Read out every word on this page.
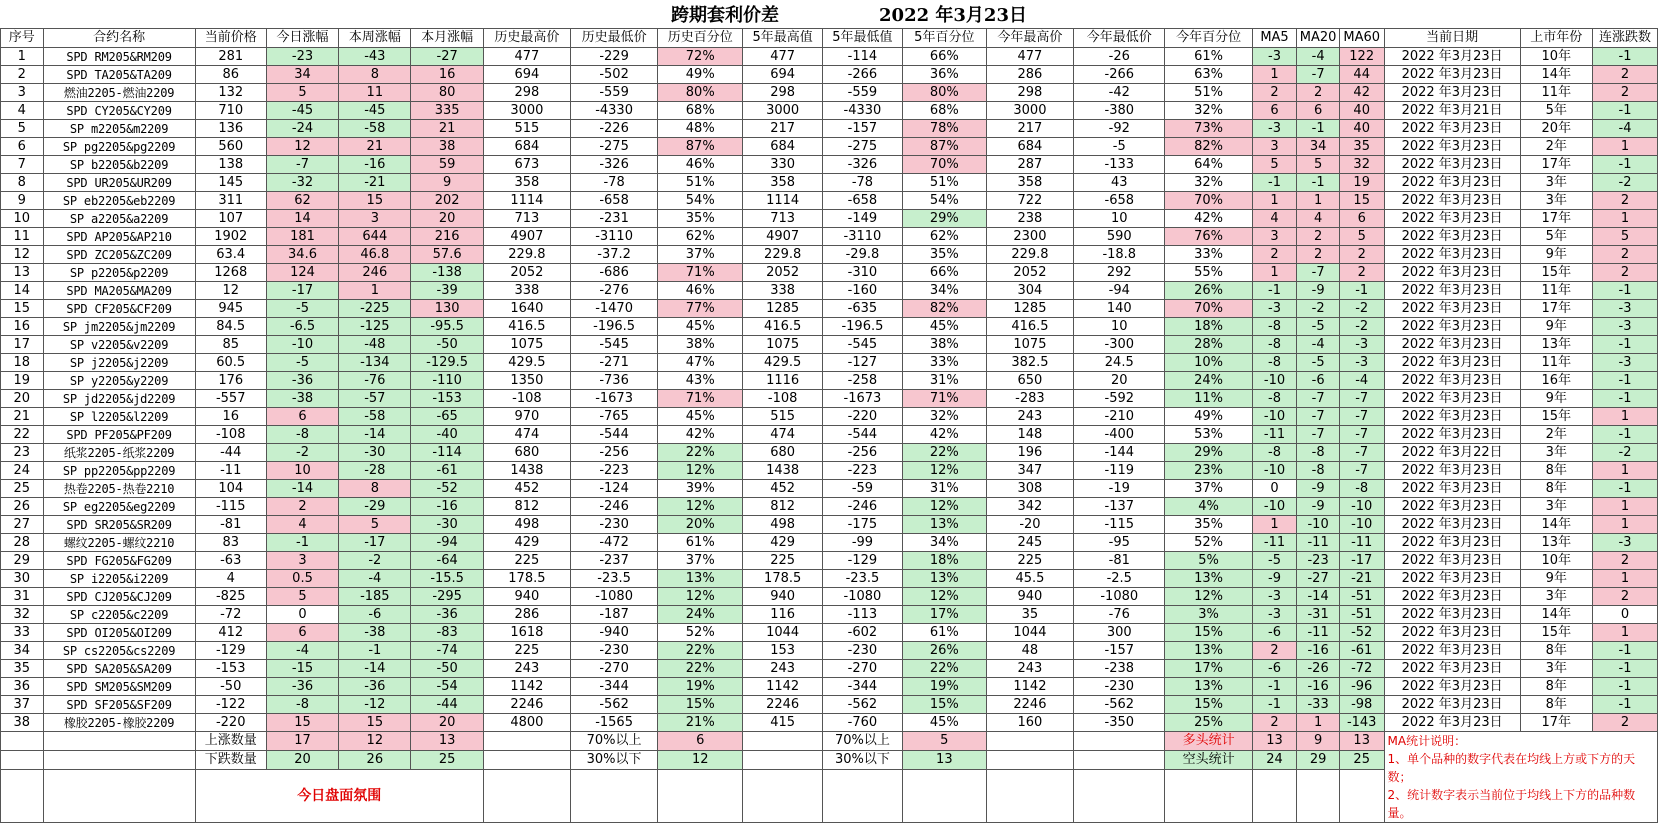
跨期套利价差	2022 年3月23日
序号	合约名称	当前价格	今日涨幅	本周涨幅	本月涨幅	历史最高价	历史最低价	历史百分位	5年最高值	5年最低值	5年百分位	今年最高价	今年最低价	今年百分位	MA5	MA20	MA60	当前日期	上市年份	连涨跌数
1	SPD RM205&RM209	281	-23	-43	-27	477	-229	72%	477	-114	66%	477	-26	61%	-3	-4	122	2022 年3月23日	10年	-1
2	SPD TA205&TA209	86	34	8	16	694	-502	49%	694	-266	36%	286	-266	63%	1	-7	44	2022 年3月23日	14年	2
3	燃油2205-燃油2209	132	5	11	80	298	-559	80%	298	-559	80%	298	-42	51%	2	2	42	2022 年3月23日	11年	2
4	SPD CY205&CY209	710	-45	-45	335	3000	-4330	68%	3000	-4330	68%	3000	-380	32%	6	6	40	2022 年3月21日	5年	-1
5	SP m2205&m2209	136	-24	-58	21	515	-226	48%	217	-157	78%	217	-92	73%	-3	-1	40	2022 年3月23日	20年	-4
6	SP pg2205&pg2209	560	12	21	38	684	-275	87%	684	-275	87%	684	-5	82%	3	34	35	2022 年3月23日	2年	1
7	SP b2205&b2209	138	-7	-16	59	673	-326	46%	330	-326	70%	287	-133	64%	5	5	32	2022 年3月23日	17年	-1
8	SPD UR205&UR209	145	-32	-21	9	358	-78	51%	358	-78	51%	358	43	32%	-1	-1	19	2022 年3月23日	3年	-2
9	SP eb2205&eb2209	311	62	15	202	1114	-658	54%	1114	-658	54%	722	-658	70%	1	1	15	2022 年3月23日	3年	2
10	SP a2205&a2209	107	14	3	20	713	-231	35%	713	-149	29%	238	10	42%	4	4	6	2022 年3月23日	17年	1
11	SPD AP205&AP210	1902	181	644	216	4907	-3110	62%	4907	-3110	62%	2300	590	76%	3	2	5	2022 年3月23日	5年	5
12	SPD ZC205&ZC209	63.4	34.6	46.8	57.6	229.8	-37.2	37%	229.8	-29.8	35%	229.8	-18.8	33%	2	2	2	2022 年3月23日	9年	2
13	SP p2205&p2209	1268	124	246	-138	2052	-686	71%	2052	-310	66%	2052	292	55%	1	-7	2	2022 年3月23日	15年	2
14	SPD MA205&MA209	12	-17	1	-39	338	-276	46%	338	-160	34%	304	-94	26%	-1	-9	-1	2022 年3月23日	11年	-1
15	SPD CF205&CF209	945	-5	-225	130	1640	-1470	77%	1285	-635	82%	1285	140	70%	-3	-2	-2	2022 年3月23日	17年	-3
16	SP jm2205&jm2209	84.5	-6.5	-125	-95.5	416.5	-196.5	45%	416.5	-196.5	45%	416.5	10	18%	-8	-5	-2	2022 年3月23日	9年	-3
17	SP v2205&v2209	85	-10	-48	-50	1075	-545	38%	1075	-545	38%	1075	-300	28%	-8	-4	-3	2022 年3月23日	13年	-1
18	SP j2205&j2209	60.5	-5	-134	-129.5	429.5	-271	47%	429.5	-127	33%	382.5	24.5	10%	-8	-5	-3	2022 年3月23日	11年	-3
19	SP y2205&y2209	176	-36	-76	-110	1350	-736	43%	1116	-258	31%	650	20	24%	-10	-6	-4	2022 年3月23日	16年	-1
20	SP jd2205&jd2209	-557	-38	-57	-153	-108	-1673	71%	-108	-1673	71%	-283	-592	11%	-8	-7	-7	2022 年3月23日	9年	-1
21	SP l2205&l2209	16	6	-58	-65	970	-765	45%	515	-220	32%	243	-210	49%	-10	-7	-7	2022 年3月23日	15年	1
22	SPD PF205&PF209	-108	-8	-14	-40	474	-544	42%	474	-544	42%	148	-400	53%	-11	-7	-7	2022 年3月23日	2年	-1
23	纸浆2205-纸浆2209	-44	-2	-30	-114	680	-256	22%	680	-256	22%	196	-144	29%	-8	-8	-7	2022 年3月22日	3年	-2
24	SP pp2205&pp2209	-11	10	-28	-61	1438	-223	12%	1438	-223	12%	347	-119	23%	-10	-8	-7	2022 年3月23日	8年	1
25	热卷2205-热卷2210	104	-14	8	-52	452	-124	39%	452	-59	31%	308	-19	37%	0	-9	-8	2022 年3月23日	8年	-1
26	SP eg2205&eg2209	-115	2	-29	-16	812	-246	12%	812	-246	12%	342	-137	4%	-10	-9	-10	2022 年3月23日	3年	1
27	SPD SR205&SR209	-81	4	5	-30	498	-230	20%	498	-175	13%	-20	-115	35%	1	-10	-10	2022 年3月23日	14年	1
28	螺纹2205-螺纹2210	83	-1	-17	-94	429	-472	61%	429	-99	34%	245	-95	52%	-11	-11	-11	2022 年3月23日	13年	-3
29	SPD FG205&FG209	-63	3	-2	-64	225	-237	37%	225	-129	18%	225	-81	5%	-5	-23	-17	2022 年3月23日	10年	2
30	SP i2205&i2209	4	0.5	-4	-15.5	178.5	-23.5	13%	178.5	-23.5	13%	45.5	-2.5	13%	-9	-27	-21	2022 年3月23日	9年	1
31	SPD CJ205&CJ209	-825	5	-185	-295	940	-1080	12%	940	-1080	12%	940	-1080	12%	-3	-14	-51	2022 年3月23日	3年	2
32	SP c2205&c2209	-72	0	-6	-36	286	-187	24%	116	-113	17%	35	-76	3%	-3	-31	-51	2022 年3月23日	14年	0
33	SPD OI205&OI209	412	6	-38	-83	1618	-940	52%	1044	-602	61%	1044	300	15%	-6	-11	-52	2022 年3月23日	15年	1
34	SP cs2205&cs2209	-129	-4	-1	-74	225	-230	22%	153	-230	26%	48	-157	13%	2	-16	-61	2022 年3月23日	8年	-1
35	SPD SA205&SA209	-153	-15	-14	-50	243	-270	22%	243	-270	22%	243	-238	17%	-6	-26	-72	2022 年3月23日	3年	-1
36	SPD SM205&SM209	-50	-36	-36	-54	1142	-344	19%	1142	-344	19%	1142	-230	13%	-1	-16	-96	2022 年3月23日	8年	-1
37	SPD SF205&SF209	-122	-8	-12	-44	2246	-562	15%	2246	-562	15%	2246	-562	15%	-1	-33	-98	2022 年3月23日	8年	-1
38	橡胶2205-橡胶2209	-220	15	15	20	4800	-1565	21%	415	-760	45%	160	-350	25%	2	1	-143	2022 年3月23日	17年	2
		上涨数量	17	12	13		70%以上	6		70%以上	5			多头统计	13	9	13	MA统计说明：
1、单个品种的数字代表在均线上方或下方的天数；
2、统计数字表示当前位于均线上下方的品种数量。		
		下跌数量	20	26	25		30%以下	12		30%以下	13			空头统计	24	29	25			
		今日盘面氛围																		
